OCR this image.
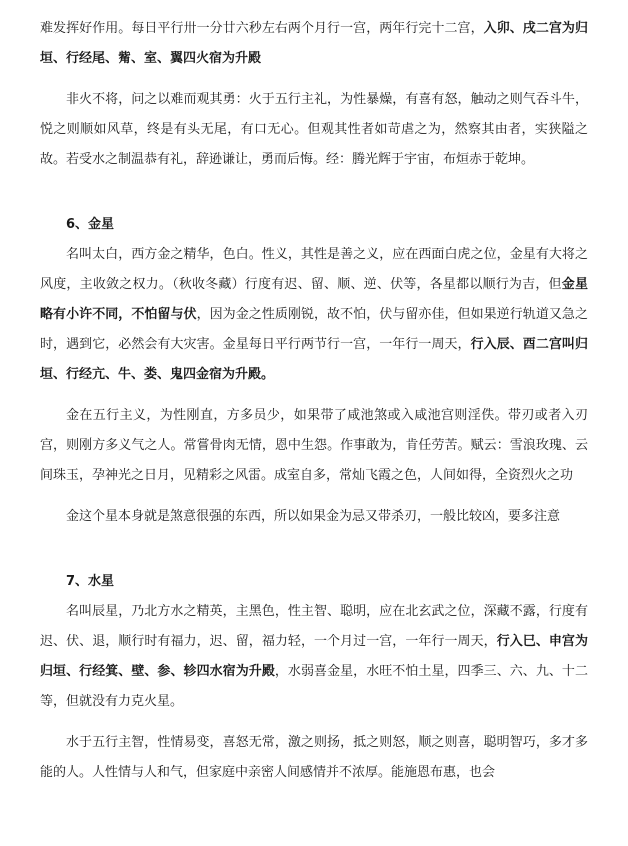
难发挥好作用。每日平行卅一分廿六秒左右两个月行一宫，两年行完十二宫，入卯、戌二宫为归垣、行经尾、觜、室、翼四火宿为升殿

非火不将，问之以难而观其勇：火于五行主礼，为性暴燥，有喜有怒，触动之则气吞斗牛，悦之则顺如风草，终是有头无尾，有口无心。但观其性者如苛虐之为，然察其由者，实狭隘之故。若受水之制温恭有礼，辞逊谦让，勇而后悔。经：腾光辉于宇宙，布烜赤于乾坤。

6、金星

名叫太白，西方金之精华，色白。性义，其性是善之义，应在西面白虎之位，金星有大将之风度，主收敛之权力。（秋收冬藏）行度有迟、留、顺、逆、伏等，各星都以顺行为吉，但金星略有小许不同，不怕留与伏，因为金之性质刚锐，故不怕，伏与留亦佳，但如果逆行轨道又急之时，遇到它，必然会有大灾害。金星每日平行两节行一宫，一年行一周天，行入辰、酉二宫叫归垣、行经亢、牛、娄、鬼四金宿为升殿。

金在五行主义，为性刚直，方多员少，如果带了咸池煞或入咸池宫则淫佚。带刃或者入刃宫，则刚方多义气之人。常嘗骨肉无情，恩中生怨。作事敢为，肯任劳苦。赋云：雪浪玫瑰、云间珠玉，孕神光之日月，见精彩之风雷。成室自多，常灿飞霞之色，人间如得，全资烈火之功

金这个星本身就是煞意很强的东西，所以如果金为忌又带杀刃，一般比较凶，要多注意

7、水星

名叫辰星，乃北方水之精英，主黑色，性主智、聪明，应在北玄武之位，深藏不露，行度有迟、伏、退，顺行时有福力，迟、留，福力轻，一个月过一宫，一年行一周天，行入巳、申宫为归垣、行经箕、壁、参、轸四水宿为升殿，水弱喜金星，水旺不怕土星，四季三、六、九、十二等，但就没有力克火星。

水于五行主智，性情易变，喜怒无常，激之则扬，抵之则怒，顺之则喜，聪明智巧，多才多能的人。人性情与人和气，但家庭中亲密人间感情并不浓厚。能施恩布惠，也会
